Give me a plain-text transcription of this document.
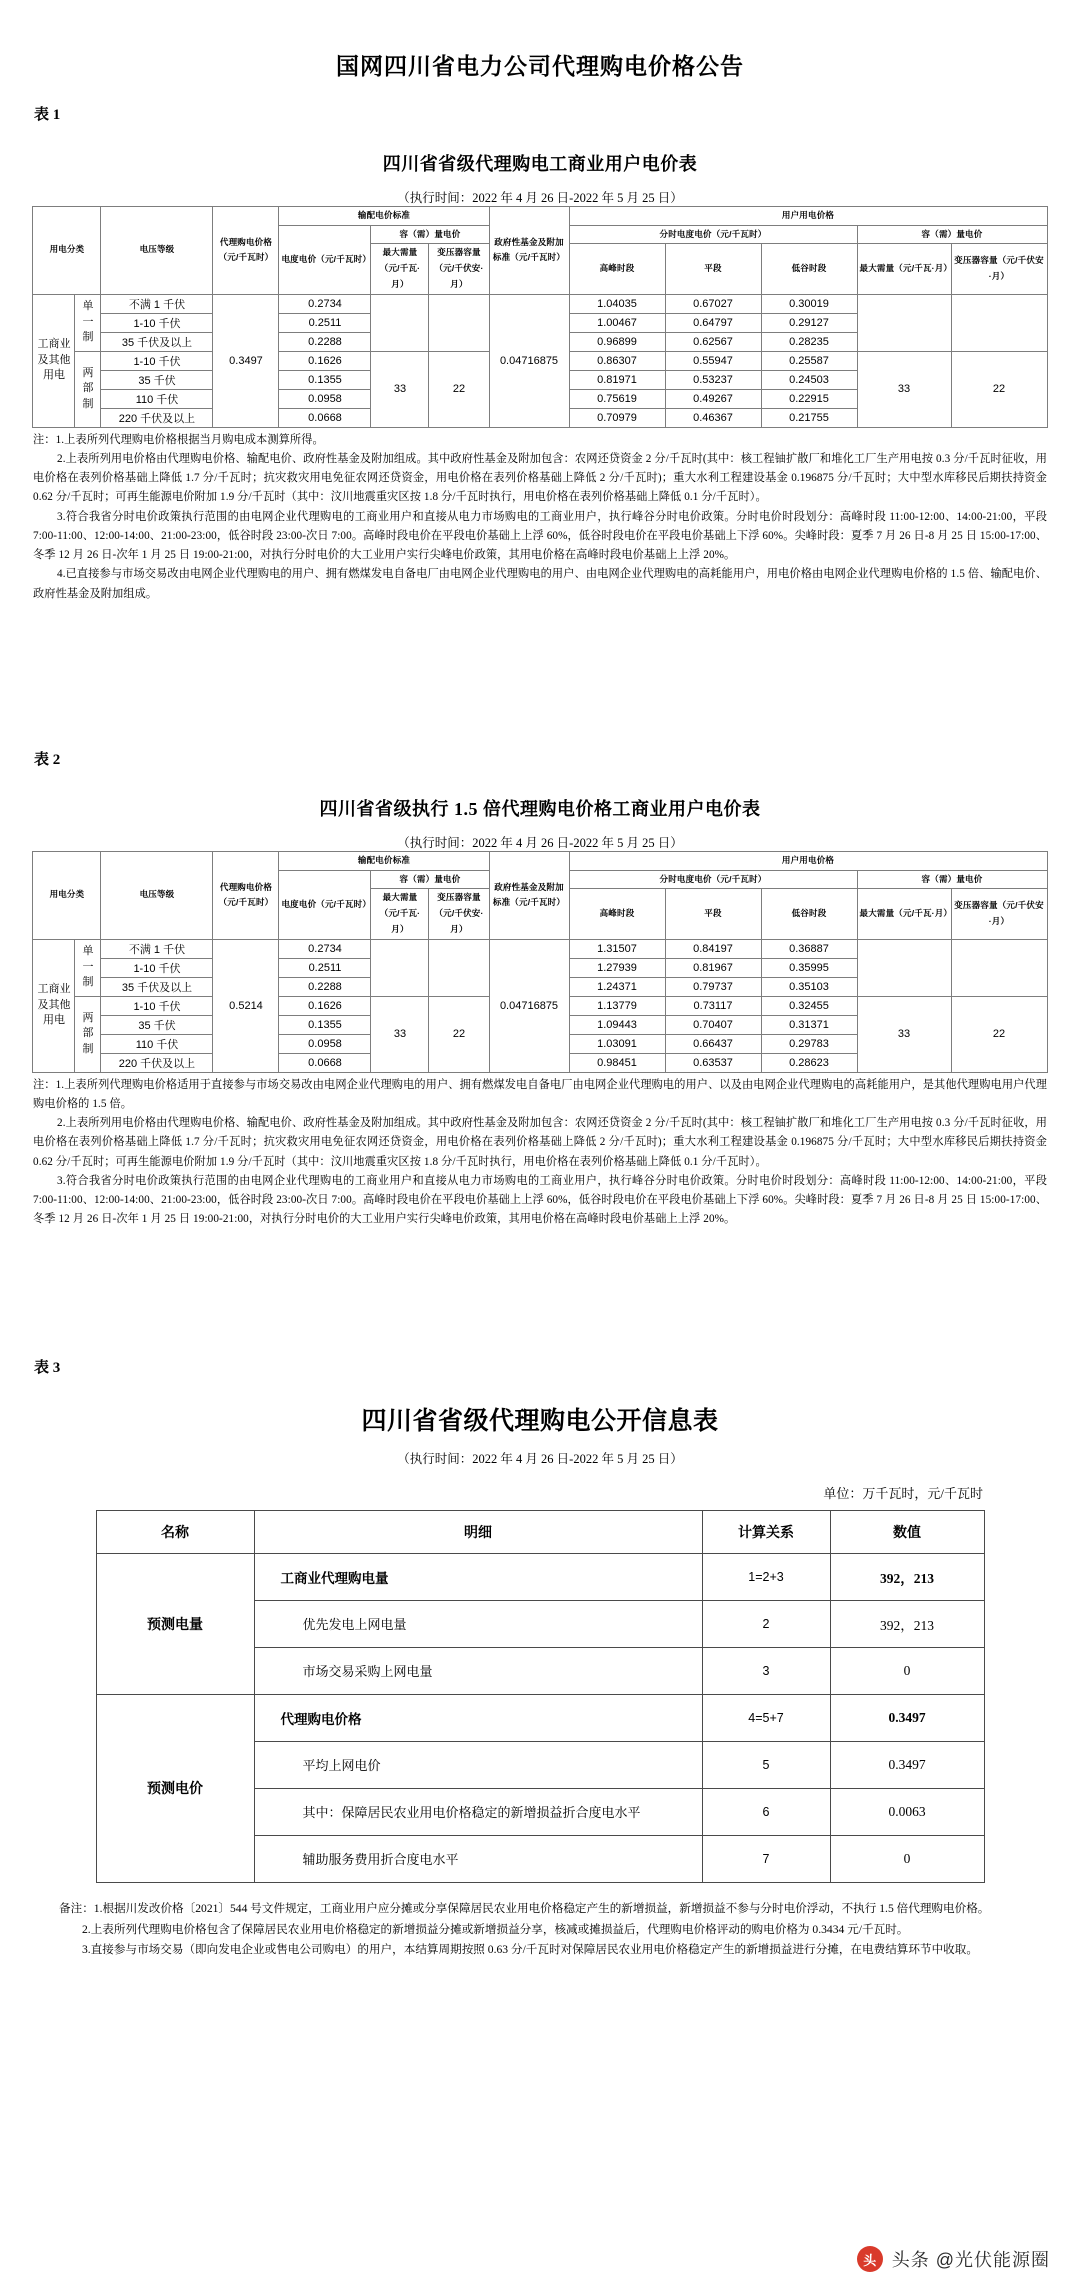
国网四川省电力公司代理购电价格公告
表 1
四川省省级代理购电工商业用户电价表
（执行时间：2022 年 4 月 26 日-2022 年 5 月 25 日）
用电分类		电压等级	代理购电价格（元/千瓦时）	输配电价标准			政府性基金及附加标准（元/千瓦时）	用户用电价格				
				电度电价（元/千瓦时）	容（需）量电价			分时电度电价（元/千瓦时）			容（需）量电价	
					最大需量（元/千瓦·月）	变压器容量（元/千伏安·月）		高峰时段	平段	低谷时段	最大需量（元/千瓦·月）	变压器容量（元/千伏安·月）
工商业及其他用电	单一制	不满 1 千伏	0.3497	0.2734			0.04716875	1.04035	0.67027	0.30019		
		1-10 千伏		0.2511				1.00467	0.64797	0.29127		
		35 千伏及以上		0.2288				0.96899	0.62567	0.28235		
	两部制	1-10 千伏		0.1626	33	22		0.86307	0.55947	0.25587	33	22
		35 千伏		0.1355				0.81971	0.53237	0.24503		
		110 千伏		0.0958				0.75619	0.49267	0.22915		
		220 千伏及以上		0.0668				0.70979	0.46367	0.21755		

注：1.上表所列代理购电价格根据当月购电成本测算所得。

2.上表所列用电价格由代理购电价格、输配电价、政府性基金及附加组成。其中政府性基金及附加包含：农网还贷资金 2 分/千瓦时(其中：核工程铀扩散厂和堆化工厂生产用电按 0.3 分/千瓦时征收，用电价格在表列价格基础上降低 1.7 分/千瓦时；抗灾救灾用电免征农网还贷资金，用电价格在表列价格基础上降低 2 分/千瓦时)；重大水利工程建设基金 0.196875 分/千瓦时；大中型水库移民后期扶持资金 0.62 分/千瓦时；可再生能源电价附加 1.9 分/千瓦时（其中：汶川地震重灾区按 1.8 分/千瓦时执行，用电价格在表列价格基础上降低 0.1 分/千瓦时）。

3.符合我省分时电价政策执行范围的由电网企业代理购电的工商业用户和直接从电力市场购电的工商业用户，执行峰谷分时电价政策。分时电价时段划分：高峰时段 11:00-12:00、14:00-21:00，平段 7:00-11:00、12:00-14:00、21:00-23:00，低谷时段 23:00-次日 7:00。高峰时段电价在平段电价基础上上浮 60%，低谷时段电价在平段电价基础上下浮 60%。尖峰时段：夏季 7 月 26 日-8 月 25 日 15:00-17:00、冬季 12 月 26 日-次年 1 月 25 日 19:00-21:00，对执行分时电价的大工业用户实行尖峰电价政策，其用电价格在高峰时段电价基础上上浮 20%。

4.已直接参与市场交易改由电网企业代理购电的用户、拥有燃煤发电自备电厂由电网企业代理购电的用户、由电网企业代理购电的高耗能用户，用电价格由电网企业代理购电价格的 1.5 倍、输配电价、政府性基金及附加组成。

表 2
四川省省级执行 1.5 倍代理购电价格工商业用户电价表
（执行时间：2022 年 4 月 26 日-2022 年 5 月 25 日）
用电分类		电压等级	代理购电价格（元/千瓦时）	输配电价标准			政府性基金及附加标准（元/千瓦时）	用户用电价格				
				电度电价（元/千瓦时）	容（需）量电价			分时电度电价（元/千瓦时）			容（需）量电价	
					最大需量（元/千瓦·月）	变压器容量（元/千伏安·月）		高峰时段	平段	低谷时段	最大需量（元/千瓦·月）	变压器容量（元/千伏安·月）
工商业及其他用电	单一制	不满 1 千伏	0.5214	0.2734			0.04716875	1.31507	0.84197	0.36887		
		1-10 千伏		0.2511				1.27939	0.81967	0.35995		
		35 千伏及以上		0.2288				1.24371	0.79737	0.35103		
	两部制	1-10 千伏		0.1626	33	22		1.13779	0.73117	0.32455	33	22
		35 千伏		0.1355				1.09443	0.70407	0.31371		
		110 千伏		0.0958				1.03091	0.66437	0.29783		
		220 千伏及以上		0.0668				0.98451	0.63537	0.28623		

注：1.上表所列代理购电价格适用于直接参与市场交易改由电网企业代理购电的用户、拥有燃煤发电自备电厂由电网企业代理购电的用户、以及由电网企业代理购电的高耗能用户，是其他代理购电用户代理购电价格的 1.5 倍。

2.上表所列用电价格由代理购电价格、输配电价、政府性基金及附加组成。其中政府性基金及附加包含：农网还贷资金 2 分/千瓦时(其中：核工程铀扩散厂和堆化工厂生产用电按 0.3 分/千瓦时征收，用电价格在表列价格基础上降低 1.7 分/千瓦时；抗灾救灾用电免征农网还贷资金，用电价格在表列价格基础上降低 2 分/千瓦时)；重大水利工程建设基金 0.196875 分/千瓦时；大中型水库移民后期扶持资金 0.62 分/千瓦时；可再生能源电价附加 1.9 分/千瓦时（其中：汶川地震重灾区按 1.8 分/千瓦时执行，用电价格在表列价格基础上降低 0.1 分/千瓦时）。

3.符合我省分时电价政策执行范围的由电网企业代理购电的工商业用户和直接从电力市场购电的工商业用户，执行峰谷分时电价政策。分时电价时段划分：高峰时段 11:00-12:00、14:00-21:00，平段 7:00-11:00、12:00-14:00、21:00-23:00，低谷时段 23:00-次日 7:00。高峰时段电价在平段电价基础上上浮 60%，低谷时段电价在平段电价基础上下浮 60%。尖峰时段：夏季 7 月 26 日-8 月 25 日 15:00-17:00、冬季 12 月 26 日-次年 1 月 25 日 19:00-21:00，对执行分时电价的大工业用户实行尖峰电价政策，其用电价格在高峰时段电价基础上上浮 20%。

表 3
四川省省级代理购电公开信息表
（执行时间：2022 年 4 月 26 日-2022 年 5 月 25 日）
单位：万千瓦时，元/千瓦时
名称	明细	计算关系	数值
预测电量	工商业代理购电量	1=2+3	392，213
	优先发电上网电量	2	392，213
	市场交易采购上网电量	3	0
预测电价	代理购电价格	4=5+7	0.3497
	平均上网电价	5	0.3497
	其中：保障居民农业用电价格稳定的新增损益折合度电水平	6	0.0063
	辅助服务费用折合度电水平	7	0

备注：1.根据川发改价格〔2021〕544 号文件规定，工商业用户应分摊或分享保障居民农业用电价格稳定产生的新增损益，新增损益不参与分时电价浮动，不执行 1.5 倍代理购电价格。

2.上表所列代理购电价格包含了保障居民农业用电价格稳定的新增损益分摊或新增损益分享，核减或摊损益后，代理购电价格评动的购电价格为 0.3434 元/千瓦时。

3.直接参与市场交易（即向发电企业或售电公司购电）的用户，本结算周期按照 0.63 分/千瓦时对保障居民农业用电价格稳定产生的新增损益进行分摊，在电费结算环节中收取。

头 头条 @光伏能源圈
